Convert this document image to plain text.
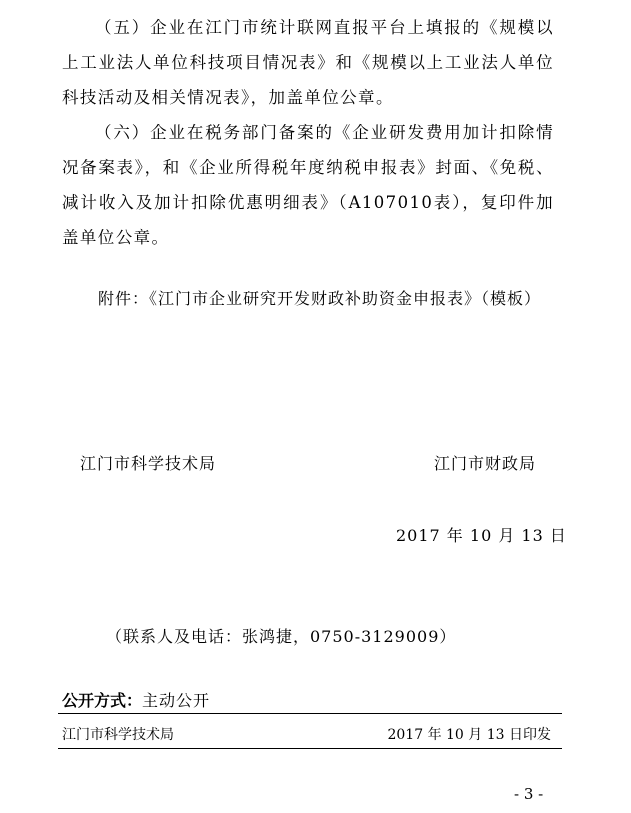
（五）企业在江门市统计联网直报平台上填报的《规模以上工业法人单位科技项目情况表》和《规模以上工业法人单位科技活动及相关情况表》，加盖单位公章。

（六）企业在税务部门备案的《企业研发费用加计扣除情况备案表》，和《企业所得税年度纳税申报表》封面、《免税、减计收入及加计扣除优惠明细表》（A107010表），复印件加盖单位公章。

附件：《江门市企业研究开发财政补助资金申报表》（模板）
江门市科学技术局	江门市财政局
2017 年 10 月 13 日
（联系人及电话：张鸿捷，0750-3129009）
公开方式：主动公开
江门市科学技术局	2017 年 10 月 13 日印发
- 3 -
